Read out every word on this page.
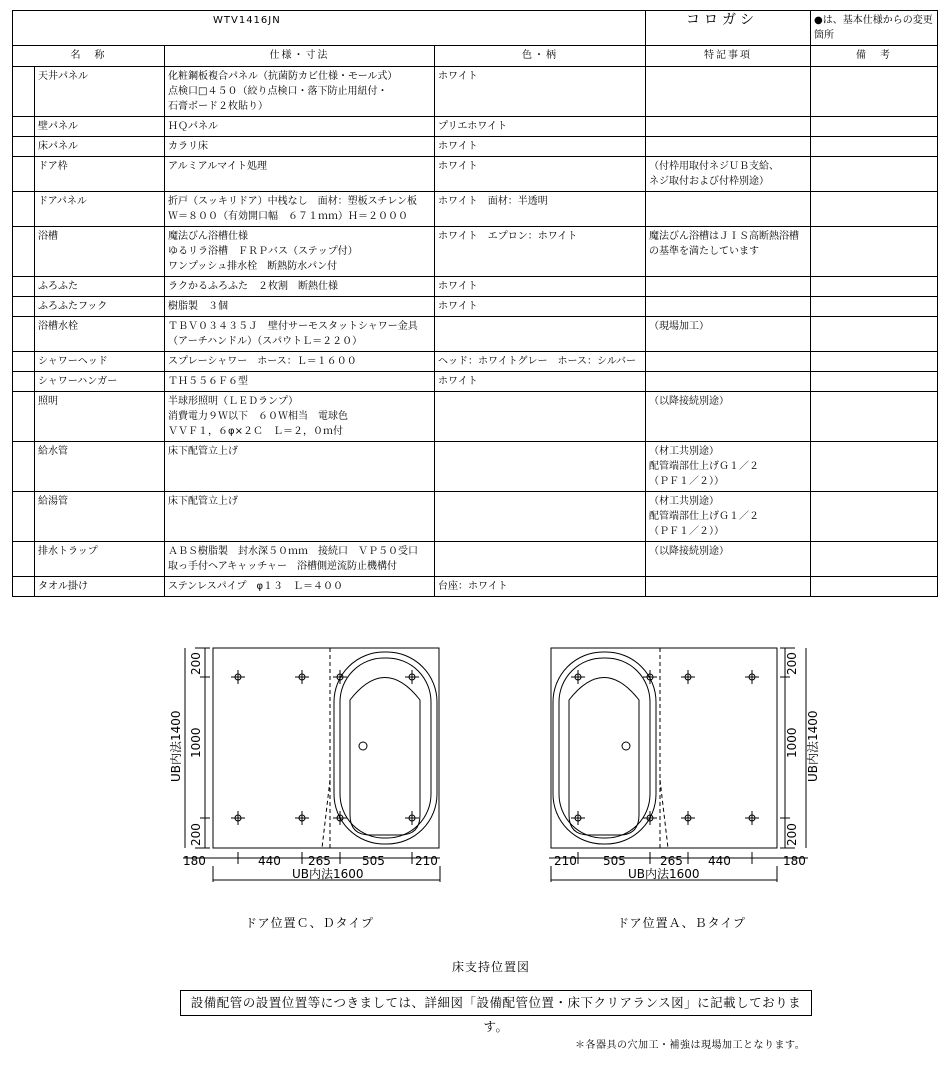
WTV1416JN				コロガシ	●は、基本仕様からの変更箇所
名　称		仕様・寸法	色・柄	特記事項	備　考
	天井パネル	化粧鋼板複合パネル（抗菌防カビ仕様・モール式）
点検口□４５０（絞り点検口・落下防止用紐付・
石膏ボード２枚貼り）	ホワイト		

	壁パネル	ＨＱパネル	プリエホワイト		

	床パネル	カラリ床	ホワイト		

	ドア枠	アルミアルマイト処理	ホワイト	（付枠用取付ネジＵＢ支給、
ネジ取付および付枠別途）	

	ドアパネル	折戸（スッキリドア）中桟なし　面材：塑板スチレン板
Ｗ＝８００（有効開口幅　６７１ｍｍ）Ｈ＝２０００	ホワイト　面材：半透明		

	浴槽	魔法びん浴槽仕様
ゆるリラ浴槽　ＦＲＰバス（ステップ付）
ワンプッシュ排水栓　断熱防水パン付	ホワイト　エプロン：ホワイト	魔法びん浴槽はＪＩＳ高断熱浴槽
の基準を満たしています	

	ふろふた	ラクかるふろふた　２枚割　断熱仕様	ホワイト		

	ふろふたフック	樹脂製　３個	ホワイト		

	浴槽水栓	ＴＢＶ０３４３５Ｊ　壁付サーモスタットシャワー金具
（アーチハンドル）（スパウトＬ＝２２０）		（現場加工）	

	シャワーヘッド	スプレーシャワー　ホース：Ｌ＝１６００	ヘッド：ホワイトグレー　ホース：シルバー		

	シャワーハンガー	ＴＨ５５６Ｆ６型	ホワイト		

	照明	半球形照明（ＬＥＤランプ）
消費電力９Ｗ以下　６０Ｗ相当　電球色
ＶＶＦ１，６φ×２Ｃ　Ｌ＝２，０ｍ付		（以降接続別途）	

	給水管	床下配管立上げ		（材工共別途）
配管端部仕上げＧ１／２
（ＰＦ１／２））	

	給湯管	床下配管立上げ		（材工共別途）
配管端部仕上げＧ１／２
（ＰＦ１／２））	

	排水トラップ	ＡＢＳ樹脂製　封水深５０ｍｍ　接続口　ＶＰ５０受口
取っ手付ヘアキャッチャー　浴槽側逆流防止機構付		（以降接続別途）	

	タオル掛け	ステンレスパイプ　φ１３　Ｌ＝４００	台座：ホワイト		

180	440 265	505	210
UB内法1600
200
1000
200
UB内法1400
210 505	265 440	180
UB内法1600
200
1000
200
UB内法1400
ドア位置Ｃ、Ｄタイプ	ドア位置Ａ、Ｂタイプ
床支持位置図
設備配管の設置位置等につきましては、詳細図「設備配管位置・床下クリアランス図」に記載しております。
＊各器具の穴加工・補強は現場加工となります。
